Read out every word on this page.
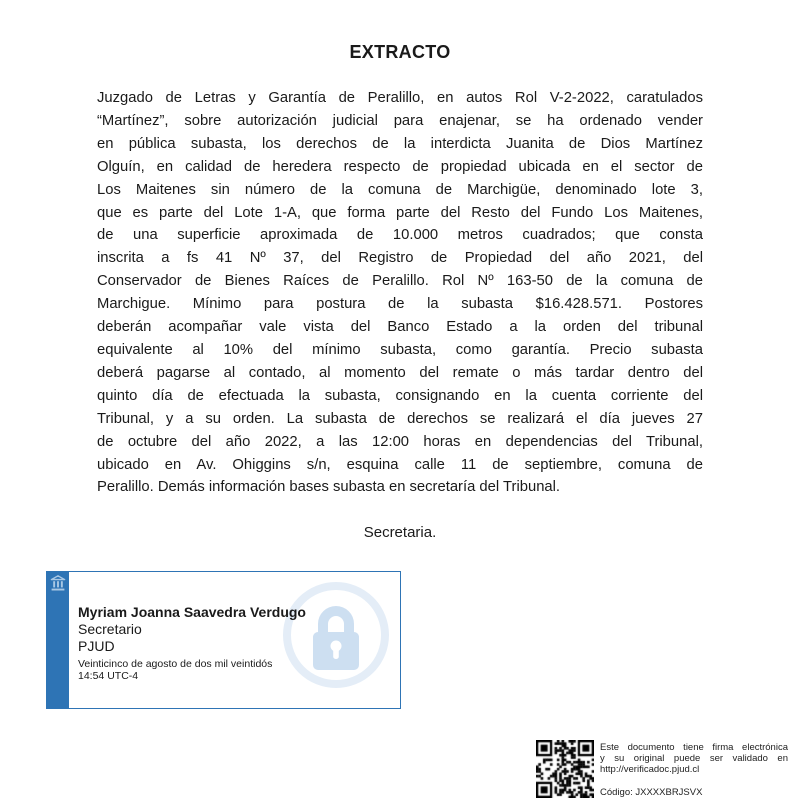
EXTRACTO
Juzgado de Letras y Garantía de Peralillo, en autos Rol V-2-2022, caratulados
“Martínez”, sobre autorización judicial para enajenar, se ha ordenado vender
en pública subasta, los derechos de la interdicta Juanita de Dios Martínez
Olguín, en calidad de heredera respecto de propiedad ubicada en el sector de
Los Maitenes sin número de la comuna de Marchigüe, denominado lote 3,
que es parte del Lote 1-A, que forma parte del Resto del Fundo Los Maitenes,
de una superficie aproximada de 10.000 metros cuadrados; que consta
inscrita a fs 41 Nº 37, del Registro de Propiedad del año 2021, del
Conservador de Bienes Raíces de Peralillo. Rol Nº 163-50 de la comuna de
Marchigue. Mínimo para postura de la subasta $16.428.571. Postores
deberán acompañar vale vista del Banco Estado a la orden del tribunal
equivalente al 10% del mínimo subasta, como garantía. Precio subasta
deberá pagarse al contado, al momento del remate o más tardar dentro del
quinto día de efectuada la subasta, consignando en la cuenta corriente del
Tribunal, y a su orden. La subasta de derechos se realizará el día jueves 27
de octubre del año 2022, a las 12:00 horas en dependencias del Tribunal,
ubicado en Av. Ohiggins s/n, esquina calle 11 de septiembre, comuna de
Peralillo. Demás información bases subasta en secretaría del Tribunal.
Secretaria.
Myriam Joanna Saavedra Verdugo
Secretario
PJUD
Veinticinco de agosto de dos mil veintidós
14:54 UTC-4
Este documento tiene firma electrónica
y su original puede ser validado en
http://verificadoc.pjud.cl
Código: JXXXXBRJSVX
